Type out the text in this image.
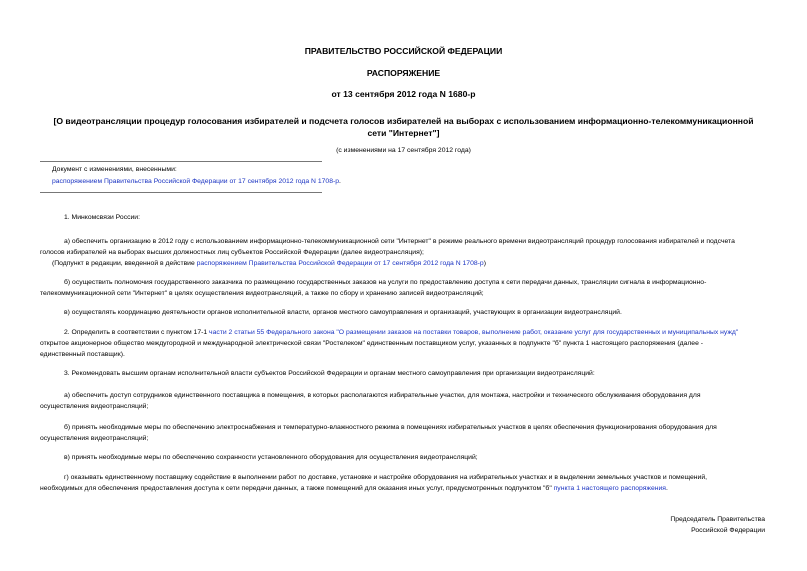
ПРАВИТЕЛЬСТВО РОССИЙСКОЙ ФЕДЕРАЦИИ
РАСПОРЯЖЕНИЕ
от 13 сентября 2012 года N 1680-р
[О видеотрансляции процедур голосования избирателей и подсчета голосов избирателей на выборах с использованием информационно-телекоммуникационной
сети "Интернет"]
(с изменениями на 17 сентября 2012 года)
Документ с изменениями, внесенными:
распоряжением Правительства Российской Федерации от 17 сентября 2012 года N 1708-р.
1. Минкомсвязи России:
а) обеспечить организацию в 2012 году с использованием информационно-телекоммуникационной сети "Интернет" в режиме реального времени видеотрансляций процедур голосования избирателей и подсчета
голосов избирателей на выборах высших должностных лиц субъектов Российской Федерации (далее видеотрансляция);
(Подпункт в редакции, введенной в действие распоряжением Правительства Российской Федерации от 17 сентября 2012 года N 1708-р)
б) осуществить полномочия государственного заказчика по размещению государственных заказов на услуги по предоставлению доступа к сети передачи данных, трансляции сигнала в информационно-
телекоммуникационной сети "Интернет" в целях осуществления видеотрансляций, а также по сбору и хранению записей видеотрансляций;
в) осуществлять координацию деятельности органов исполнительной власти, органов местного самоуправления и организаций, участвующих в организации видеотрансляций.
2. Определить в соответствии с пунктом 17-1 части 2 статьи 55 Федерального закона "О размещении заказов на поставки товаров, выполнение работ, оказание услуг для государственных и муниципальных нужд"
открытое акционерное общество междугородной и международной электрической связи "Ростелеком" единственным поставщиком услуг, указанных в подпункте "б" пункта 1 настоящего распоряжения (далее -
единственный поставщик).
3. Рекомендовать высшим органам исполнительной власти субъектов Российской Федерации и органам местного самоуправления при организации видеотрансляций:
а) обеспечить доступ сотрудников единственного поставщика в помещения, в которых располагаются избирательные участки, для монтажа, настройки и технического обслуживания оборудования для
осуществления видеотрансляций;
б) принять необходимые меры по обеспечению электроснабжения и температурно-влажностного режима в помещениях избирательных участков в целях обеспечения функционирования оборудования для
осуществления видеотрансляций;
в) принять необходимые меры по обеспечению сохранности установленного оборудования для осуществления видеотрансляций;
г) оказывать единственному поставщику содействие в выполнении работ по доставке, установке и настройке оборудования на избирательных участках и в выделении земельных участков и помещений,
необходимых для обеспечения предоставления доступа к сети передачи данных, а также помещений для оказания иных услуг, предусмотренных подпунктом "б" пункта 1 настоящего распоряжения.
Председатель Правительства
Российской Федерации
